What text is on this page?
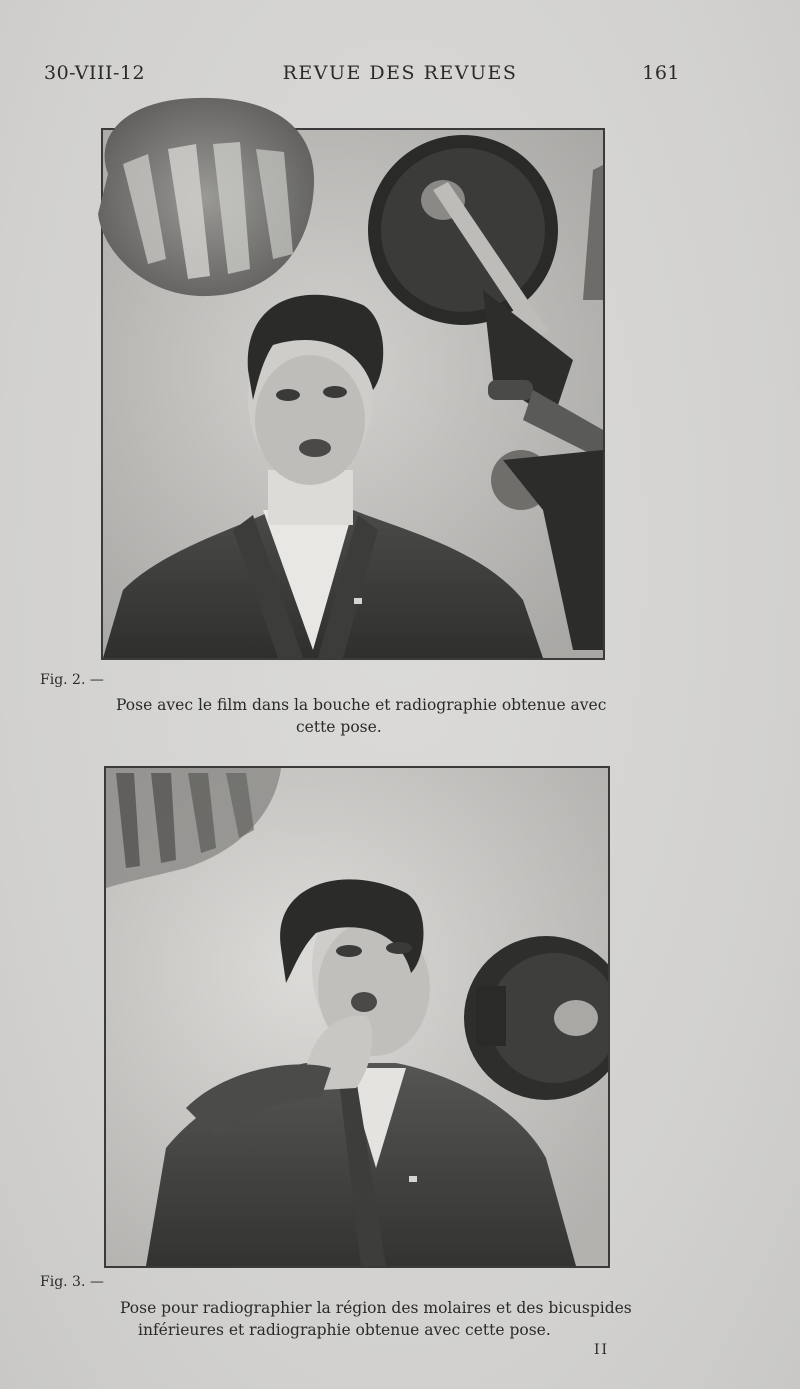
30-VIII-12	REVUE DES REVUES	161
Fig. 2. —
Pose avec le film dans la bouche et radiographie obtenue avec
cette pose.
Fig. 3. —
Pose pour radiographier la région des molaires et des bicuspides
inférieures et radiographie obtenue avec cette pose.
II
